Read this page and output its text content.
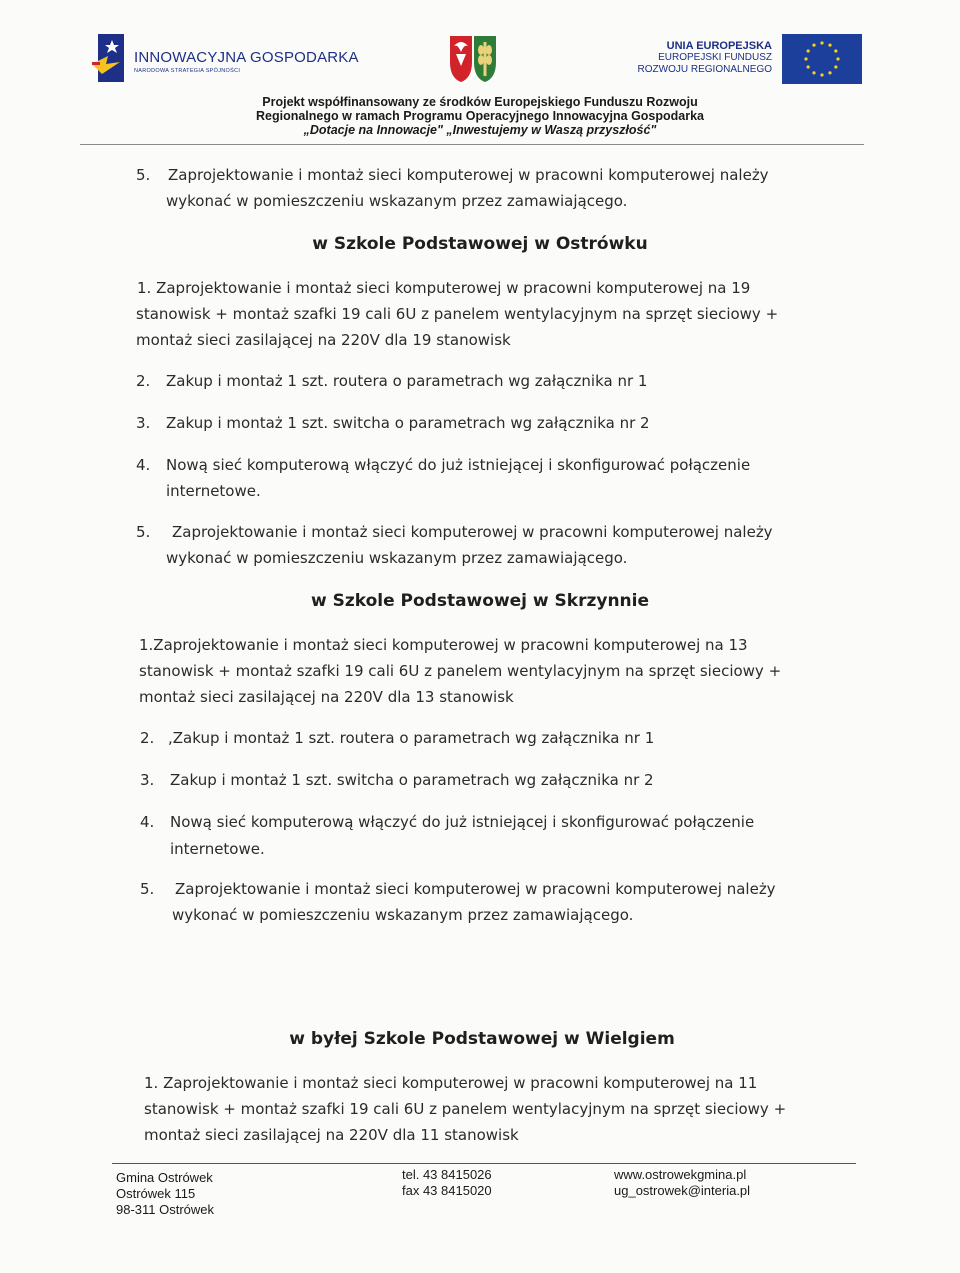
INNOWACYJNA GOSPODARKA
NARODOWA STRATEGIA SPÓJNOŚCI
UNIA EUROPEJSKA
EUROPEJSKI FUNDUSZ
ROZWOJU REGIONALNEGO
Projekt współfinansowany ze środków Europejskiego Funduszu Rozwoju
Regionalnego w ramach Programu Operacyjnego Innowacyjna Gospodarka
„Dotacje na Innowacje" „Inwestujemy w Waszą przyszłość"
5. Zaprojektowanie i montaż sieci komputerowej w pracowni komputerowej należy
wykonać w pomieszczeniu wskazanym przez zamawiającego.
w Szkole Podstawowej w Ostrówku
1. Zaprojektowanie i montaż sieci komputerowej w pracowni komputerowej na 19
stanowisk + montaż szafki 19 cali 6U z panelem wentylacyjnym na sprzęt sieciowy +
montaż sieci zasilającej na 220V dla 19 stanowisk
2. Zakup i montaż 1 szt. routera o parametrach wg załącznika nr 1
3. Zakup i montaż 1 szt. switcha o parametrach wg załącznika nr 2
4. Nową sieć komputerową włączyć do już istniejącej i skonfigurować połączenie
internetowe.
5. Zaprojektowanie i montaż sieci komputerowej w pracowni komputerowej należy
wykonać w pomieszczeniu wskazanym przez zamawiającego.
w Szkole Podstawowej w Skrzynnie
1.Zaprojektowanie i montaż sieci komputerowej w pracowni komputerowej na 13
stanowisk + montaż szafki 19 cali 6U z panelem wentylacyjnym na sprzęt sieciowy +
montaż sieci zasilającej na 220V dla 13 stanowisk
2. ,Zakup i montaż 1 szt. routera o parametrach wg załącznika nr 1
3. Zakup i montaż 1 szt. switcha o parametrach wg załącznika nr 2
4. Nową sieć komputerową włączyć do już istniejącej i skonfigurować połączenie
internetowe.
5. Zaprojektowanie i montaż sieci komputerowej w pracowni komputerowej należy
wykonać w pomieszczeniu wskazanym przez zamawiającego.
w byłej Szkole Podstawowej w Wielgiem
1. Zaprojektowanie i montaż sieci komputerowej w pracowni komputerowej na 11
stanowisk + montaż szafki 19 cali 6U z panelem wentylacyjnym na sprzęt sieciowy +
montaż sieci zasilającej na 220V dla 11 stanowisk
Gmina Ostrówek
Ostrówek 115
98-311 Ostrówek
tel. 43 8415026
fax 43 8415020
www.ostrowekgmina.pl
ug_ostrowek@interia.pl
